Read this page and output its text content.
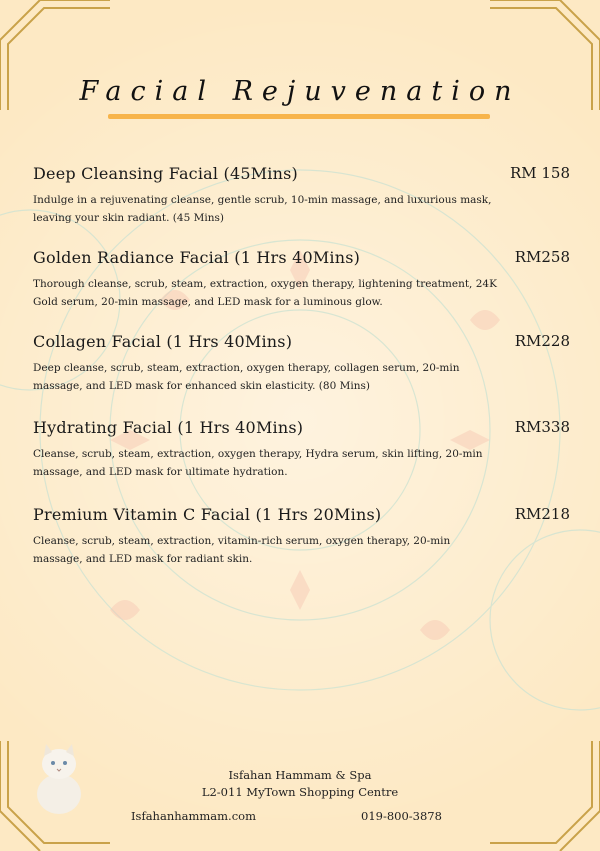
Facial Rejuvenation
Deep Cleansing Facial (45Mins)	RM 158
Indulge in a rejuvenating cleanse, gentle scrub, 10-min massage, and luxurious mask, leaving your skin radiant. (45 Mins)
Golden Radiance Facial (1 Hrs 40Mins)	RM258
Thorough cleanse, scrub, steam, extraction, oxygen therapy, lightening treatment, 24K Gold serum, 20-min massage, and LED mask for a luminous glow.
Collagen Facial (1 Hrs 40Mins)	RM228
Deep cleanse, scrub, steam, extraction, oxygen therapy, collagen serum, 20-min massage, and LED mask for enhanced skin elasticity. (80 Mins)
Hydrating Facial (1 Hrs 40Mins)	RM338
Cleanse, scrub, steam, extraction, oxygen therapy, Hydra serum, skin lifting, 20-min massage, and LED mask for ultimate hydration.
Premium Vitamin C Facial (1 Hrs 20Mins)	RM218
Cleanse, scrub, steam, extraction, vitamin-rich serum, oxygen therapy, 20-min massage, and LED mask for radiant skin.
Isfahan Hammam & Spa
L2-011 MyTown Shopping Centre
Isfahanhammam.com	019-800-3878
